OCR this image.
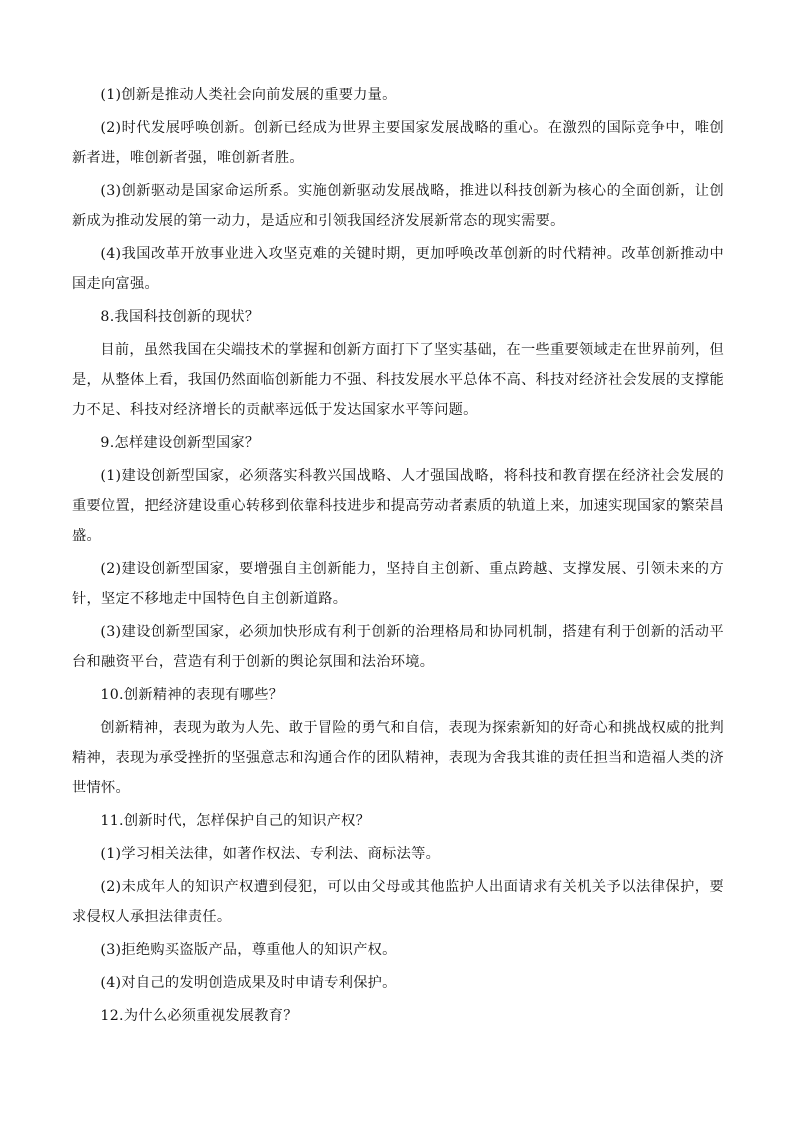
(1)创新是推动人类社会向前发展的重要力量。

(2)时代发展呼唤创新。创新已经成为世界主要国家发展战略的重心。在激烈的国际竞争中，唯创新者进，唯创新者强，唯创新者胜。

(3)创新驱动是国家命运所系。实施创新驱动发展战略，推进以科技创新为核心的全面创新，让创新成为推动发展的第一动力，是适应和引领我国经济发展新常态的现实需要。

(4)我国改革开放事业进入攻坚克难的关键时期，更加呼唤改革创新的时代精神。改革创新推动中国走向富强。

8.我国科技创新的现状？

目前，虽然我国在尖端技术的掌握和创新方面打下了坚实基础，在一些重要领域走在世界前列，但是，从整体上看，我国仍然面临创新能力不强、科技发展水平总体不高、科技对经济社会发展的支撑能力不足、科技对经济增长的贡献率远低于发达国家水平等问题。

9.怎样建设创新型国家？

(1)建设创新型国家，必须落实科教兴国战略、人才强国战略，将科技和教育摆在经济社会发展的重要位置，把经济建设重心转移到依靠科技进步和提高劳动者素质的轨道上来，加速实现国家的繁荣昌盛。

(2)建设创新型国家，要增强自主创新能力，坚持自主创新、重点跨越、支撑发展、引领未来的方针，坚定不移地走中国特色自主创新道路。

(3)建设创新型国家，必须加快形成有利于创新的治理格局和协同机制，搭建有利于创新的活动平台和融资平台，营造有利于创新的舆论氛围和法治环境。

10.创新精神的表现有哪些？

创新精神，表现为敢为人先、敢于冒险的勇气和自信，表现为探索新知的好奇心和挑战权威的批判精神，表现为承受挫折的坚强意志和沟通合作的团队精神，表现为舍我其谁的责任担当和造福人类的济世情怀。

11.创新时代，怎样保护自己的知识产权？

(1)学习相关法律，如著作权法、专利法、商标法等。

(2)未成年人的知识产权遭到侵犯，可以由父母或其他监护人出面请求有关机关予以法律保护，要求侵权人承担法律责任。

(3)拒绝购买盗版产品，尊重他人的知识产权。

(4)对自己的发明创造成果及时申请专利保护。

12.为什么必须重视发展教育？
